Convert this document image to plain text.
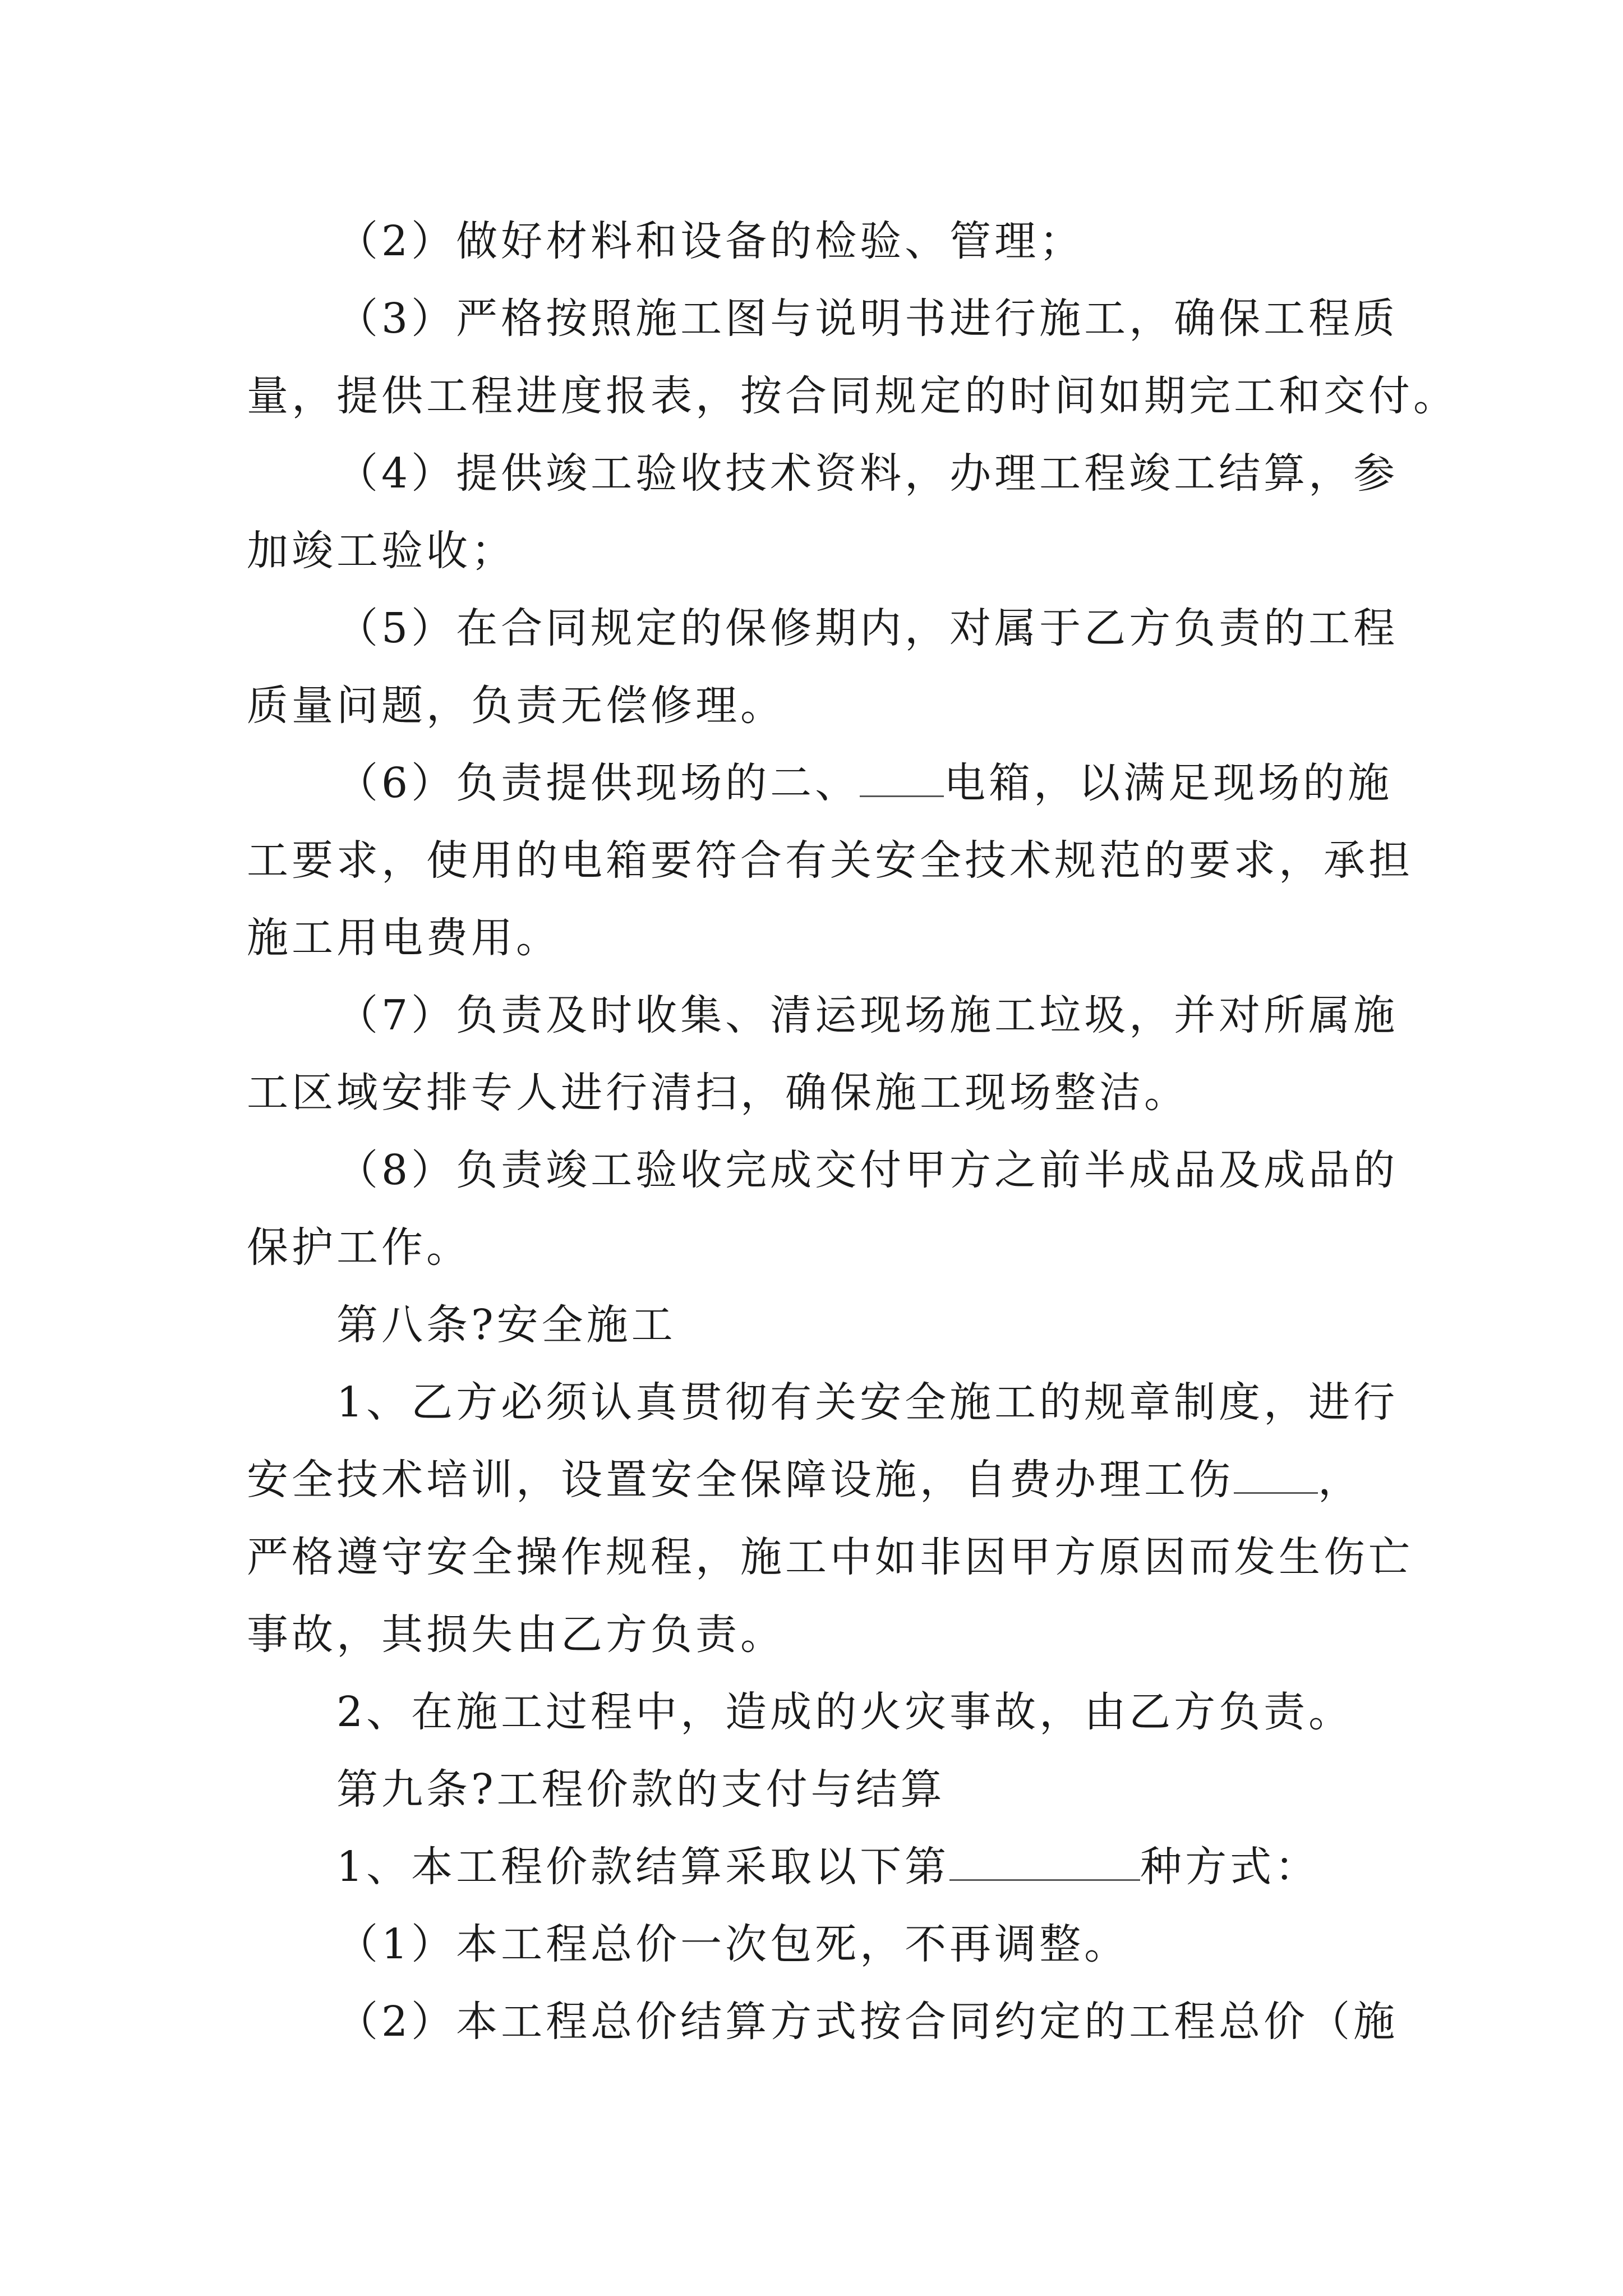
（2）做好材料和设备的检验、管理；
（3）严格按照施工图与说明书进行施工，确保工程质
量，提供工程进度报表，按合同规定的时间如期完工和交付。
（4）提供竣工验收技术资料，办理工程竣工结算，参
加竣工验收；
（5）在合同规定的保修期内，对属于乙方负责的工程
质量问题，负责无偿修理。
（6）负责提供现场的二、 电箱，以满足现场的施
工要求，使用的电箱要符合有关安全技术规范的要求，承担
施工用电费用。
（7）负责及时收集、清运现场施工垃圾，并对所属施
工区域安排专人进行清扫，确保施工现场整洁。
（8）负责竣工验收完成交付甲方之前半成品及成品的
保护工作。
第八条?安全施工
1、乙方必须认真贯彻有关安全施工的规章制度，进行
安全技术培训，设置安全保障设施，自费办理工伤 ，
严格遵守安全操作规程，施工中如非因甲方原因而发生伤亡
事故，其损失由乙方负责。
2、在施工过程中，造成的火灾事故，由乙方负责。
第九条?工程价款的支付与结算
1、本工程价款结算采取以下第	种方式：
（1）本工程总价一次包死，不再调整。
（2）本工程总价结算方式按合同约定的工程总价（施
